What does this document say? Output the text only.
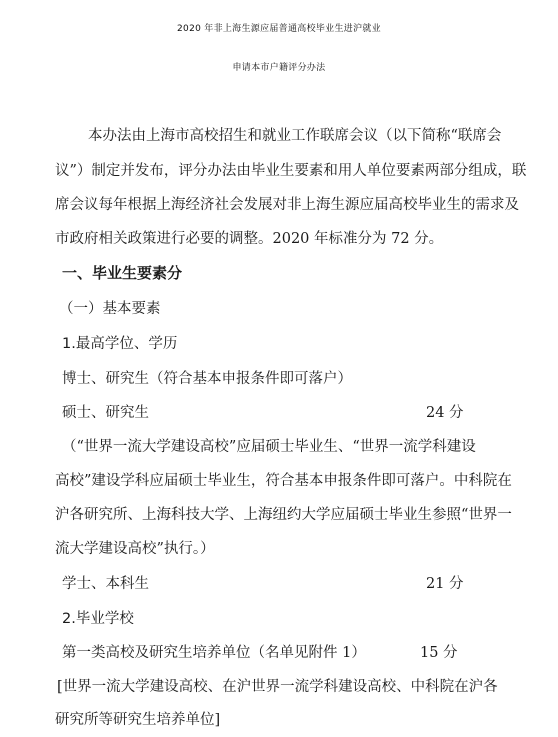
2020 年非上海生源应届普通高校毕业生进沪就业
申请本市户籍评分办法
本办法由上海市高校招生和就业工作联席会议（以下简称“联席会
议”）制定并发布，评分办法由毕业生要素和用人单位要素两部分组成，联
席会议每年根据上海经济社会发展对非上海生源应届高校毕业生的需求及
市政府相关政策进行必要的调整。2020 年标准分为 72 分。
一、毕业生要素分
（一）基本要素
1.最高学位、学历
博士、研究生（符合基本申报条件即可落户）
硕士、研究生	24 分
（“世界一流大学建设高校”应届硕士毕业生、“世界一流学科建设
高校”建设学科应届硕士毕业生，符合基本申报条件即可落户。中科院在
沪各研究所、上海科技大学、上海纽约大学应届硕士毕业生参照“世界一
流大学建设高校”执行。）
学士、本科生	21 分
2.毕业学校
第一类高校及研究生培养单位（名单见附件 1）	15 分
[世界一流大学建设高校、在沪世界一流学科建设高校、中科院在沪各
研究所等研究生培养单位]
